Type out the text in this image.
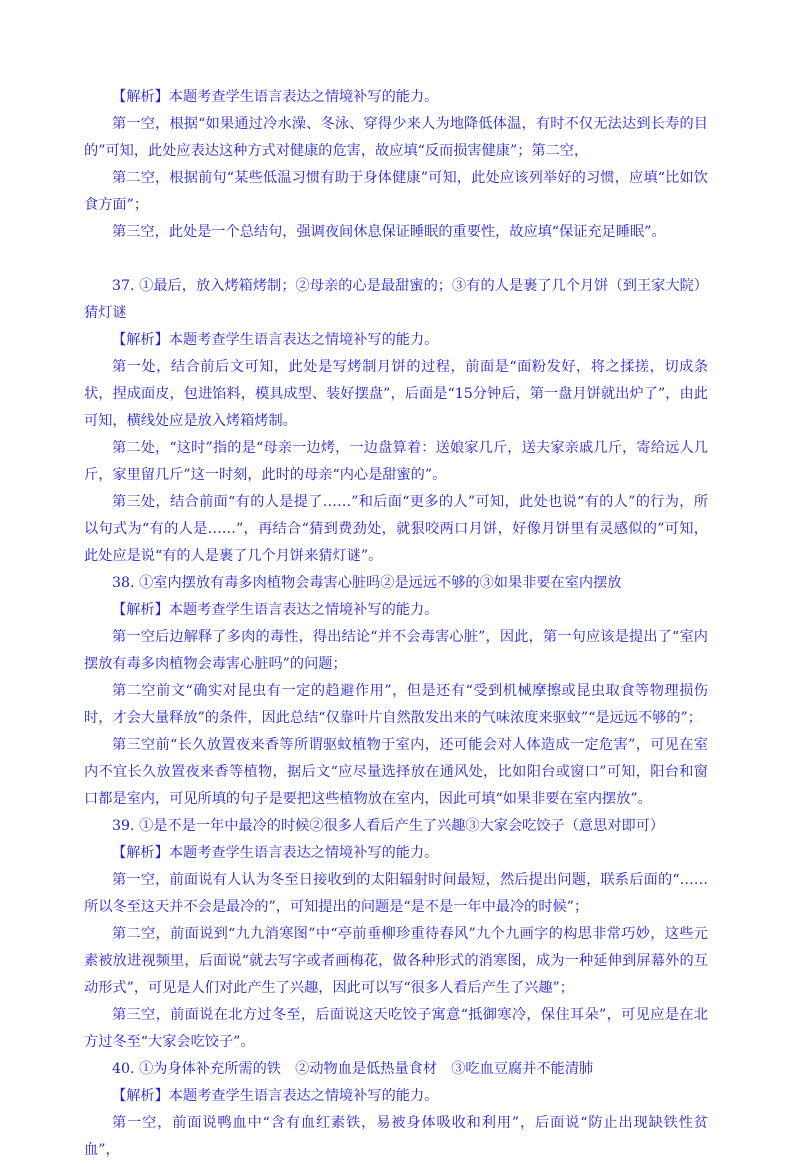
【解析】本题考查学生语言表达之情境补写的能力。

第一空，根据“如果通过冷水澡、冬泳、穿得少来人为地降低体温，有时不仅无法达到长寿的目的”可知，此处应表达这种方式对健康的危害，故应填“反而损害健康”；第二空，

第二空，根据前句“某些低温习惯有助于身体健康”可知，此处应该列举好的习惯，应填“比如饮食方面”；

第三空，此处是一个总结句，强调夜间休息保证睡眠的重要性，故应填“保证充足睡眠”。

37. ①最后，放入烤箱烤制；②母亲的心是最甜蜜的；③有的人是裹了几个月饼（到王家大院）猜灯谜

【解析】本题考查学生语言表达之情境补写的能力。

第一处，结合前后文可知，此处是写烤制月饼的过程，前面是“面粉发好，将之揉搓，切成条状，捏成面皮，包进馅料，模具成型、装好摆盘”，后面是“15分钟后，第一盘月饼就出炉了”，由此可知，横线处应是放入烤箱烤制。

第二处，“这时”指的是“母亲一边烤，一边盘算着：送娘家几斤，送夫家亲戚几斤，寄给远人几斤，家里留几斤”这一时刻，此时的母亲“内心是甜蜜的”。

第三处，结合前面“有的人是提了……”和后面“更多的人”可知，此处也说“有的人”的行为，所以句式为“有的人是……”，再结合“猜到费劲处，就狠咬两口月饼，好像月饼里有灵感似的”可知，此处应是说“有的人是裹了几个月饼来猜灯谜”。

38. ①室内摆放有毒多肉植物会毒害心脏吗②是远远不够的③如果非要在室内摆放

【解析】本题考查学生语言表达之情境补写的能力。

第一空后边解释了多肉的毒性，得出结论“并不会毒害心脏”，因此，第一句应该是提出了“室内摆放有毒多肉植物会毒害心脏吗”的问题；

第二空前文“确实对昆虫有一定的趋避作用”，但是还有“受到机械摩擦或昆虫取食等物理损伤时，才会大量释放”的条件，因此总结“仅靠叶片自然散发出来的气味浓度来驱蚊”“是远远不够的”；

第三空前“长久放置夜来香等所谓驱蚊植物于室内，还可能会对人体造成一定危害”，可见在室内不宜长久放置夜来香等植物，据后文“应尽量选择放在通风处，比如阳台或窗口”可知，阳台和窗口都是室内，可见所填的句子是要把这些植物放在室内，因此可填“如果非要在室内摆放”。

39. ①是不是一年中最冷的时候②很多人看后产生了兴趣③大家会吃饺子（意思对即可）

【解析】本题考查学生语言表达之情境补写的能力。

第一空，前面说有人认为冬至日接收到的太阳辐射时间最短，然后提出问题，联系后面的“……所以冬至这天并不会是最冷的”，可知提出的问题是“是不是一年中最冷的时候”；

第二空，前面说到“九九消寒图”中“亭前垂柳珍重待春风”九个九画字的构思非常巧妙，这些元素被放进视频里，后面说“就去写字或者画梅花，做各种形式的消寒图，成为一种延伸到屏幕外的互动形式”，可见是人们对此产生了兴趣，因此可以写“很多人看后产生了兴趣”；

第三空，前面说在北方过冬至，后面说这天吃饺子寓意“抵御寒冷，保住耳朵”，可见应是在北方过冬至“大家会吃饺子”。

40. ①为身体补充所需的铁　②动物血是低热量食材　③吃血豆腐并不能清肺

【解析】本题考查学生语言表达之情境补写的能力。

第一空，前面说鸭血中“含有血红素铁，易被身体吸收和利用”，后面说“防止出现缺铁性贫血”，
